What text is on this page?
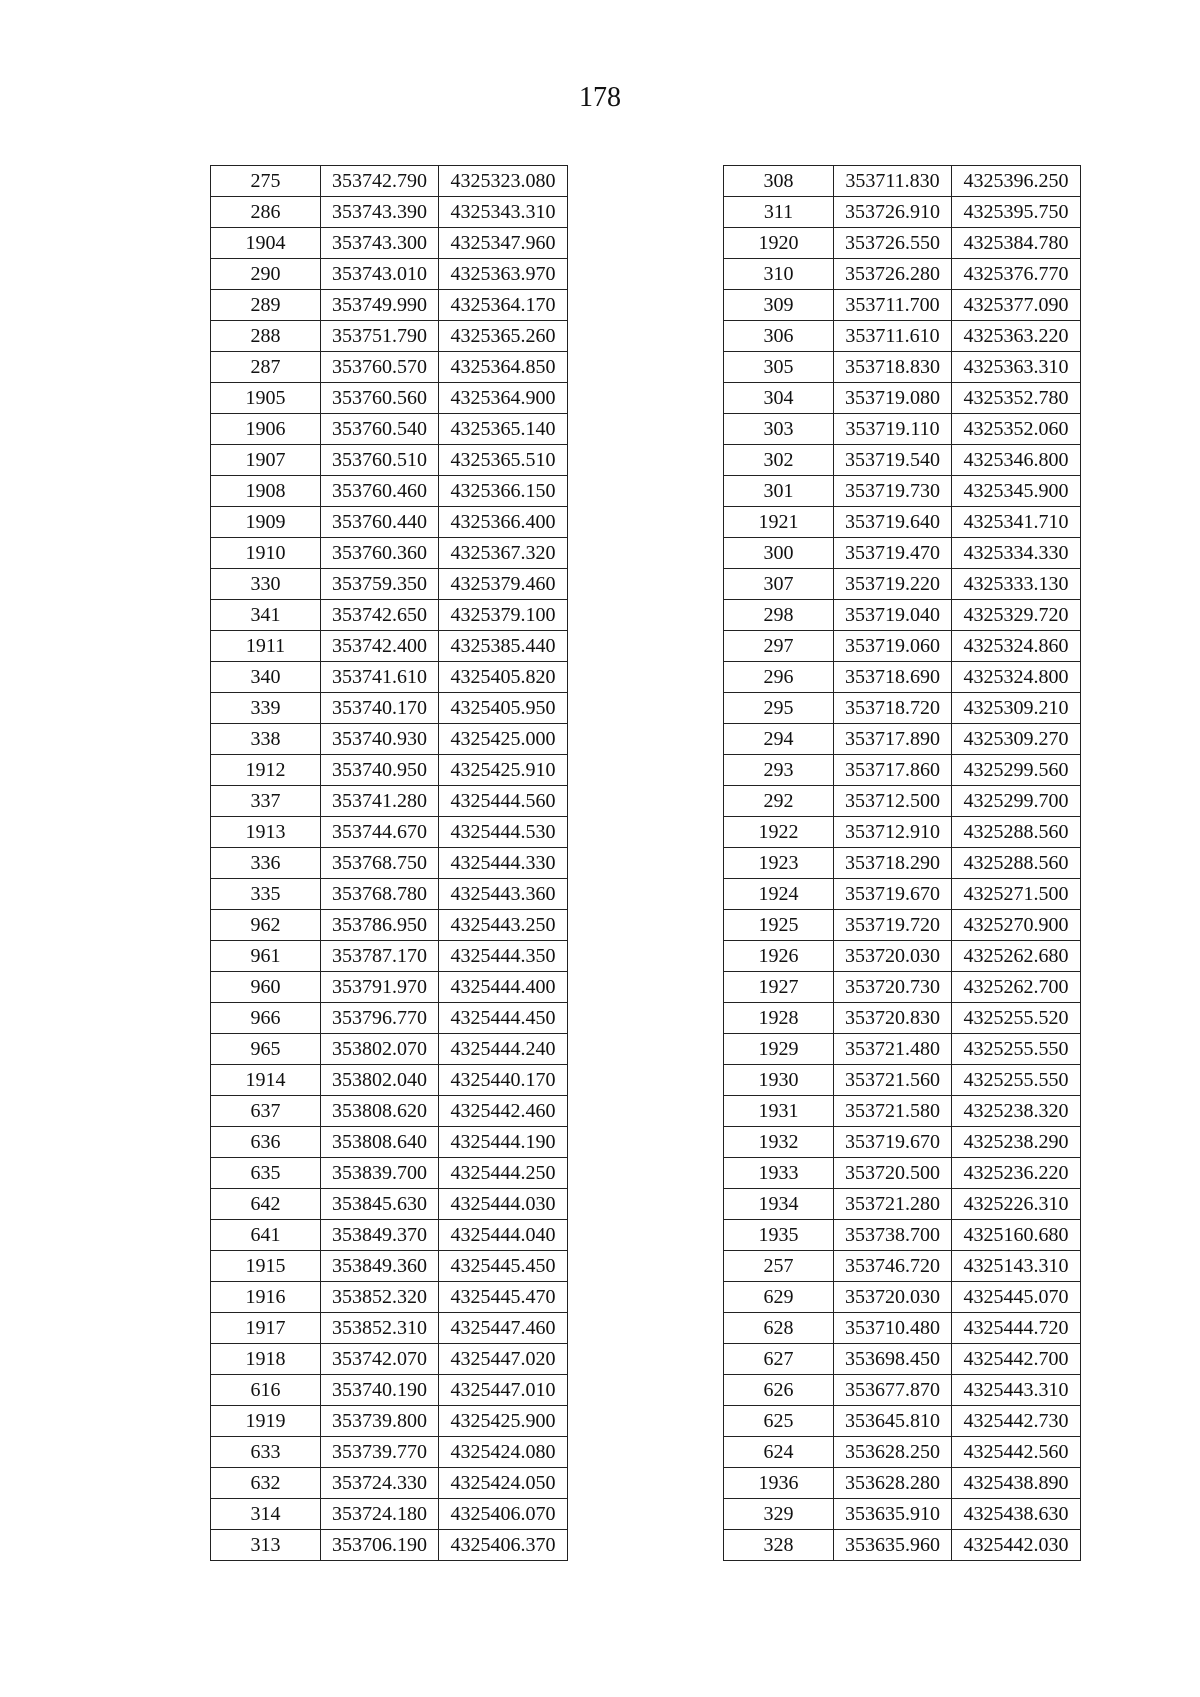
178
275	353742.790	4325323.080
286	353743.390	4325343.310
1904	353743.300	4325347.960
290	353743.010	4325363.970
289	353749.990	4325364.170
288	353751.790	4325365.260
287	353760.570	4325364.850
1905	353760.560	4325364.900
1906	353760.540	4325365.140
1907	353760.510	4325365.510
1908	353760.460	4325366.150
1909	353760.440	4325366.400
1910	353760.360	4325367.320
330	353759.350	4325379.460
341	353742.650	4325379.100
1911	353742.400	4325385.440
340	353741.610	4325405.820
339	353740.170	4325405.950
338	353740.930	4325425.000
1912	353740.950	4325425.910
337	353741.280	4325444.560
1913	353744.670	4325444.530
336	353768.750	4325444.330
335	353768.780	4325443.360
962	353786.950	4325443.250
961	353787.170	4325444.350
960	353791.970	4325444.400
966	353796.770	4325444.450
965	353802.070	4325444.240
1914	353802.040	4325440.170
637	353808.620	4325442.460
636	353808.640	4325444.190
635	353839.700	4325444.250
642	353845.630	4325444.030
641	353849.370	4325444.040
1915	353849.360	4325445.450
1916	353852.320	4325445.470
1917	353852.310	4325447.460
1918	353742.070	4325447.020
616	353740.190	4325447.010
1919	353739.800	4325425.900
633	353739.770	4325424.080
632	353724.330	4325424.050
314	353724.180	4325406.070
313	353706.190	4325406.370
308	353711.830	4325396.250
311	353726.910	4325395.750
1920	353726.550	4325384.780
310	353726.280	4325376.770
309	353711.700	4325377.090
306	353711.610	4325363.220
305	353718.830	4325363.310
304	353719.080	4325352.780
303	353719.110	4325352.060
302	353719.540	4325346.800
301	353719.730	4325345.900
1921	353719.640	4325341.710
300	353719.470	4325334.330
307	353719.220	4325333.130
298	353719.040	4325329.720
297	353719.060	4325324.860
296	353718.690	4325324.800
295	353718.720	4325309.210
294	353717.890	4325309.270
293	353717.860	4325299.560
292	353712.500	4325299.700
1922	353712.910	4325288.560
1923	353718.290	4325288.560
1924	353719.670	4325271.500
1925	353719.720	4325270.900
1926	353720.030	4325262.680
1927	353720.730	4325262.700
1928	353720.830	4325255.520
1929	353721.480	4325255.550
1930	353721.560	4325255.550
1931	353721.580	4325238.320
1932	353719.670	4325238.290
1933	353720.500	4325236.220
1934	353721.280	4325226.310
1935	353738.700	4325160.680
257	353746.720	4325143.310
629	353720.030	4325445.070
628	353710.480	4325444.720
627	353698.450	4325442.700
626	353677.870	4325443.310
625	353645.810	4325442.730
624	353628.250	4325442.560
1936	353628.280	4325438.890
329	353635.910	4325438.630
328	353635.960	4325442.030
